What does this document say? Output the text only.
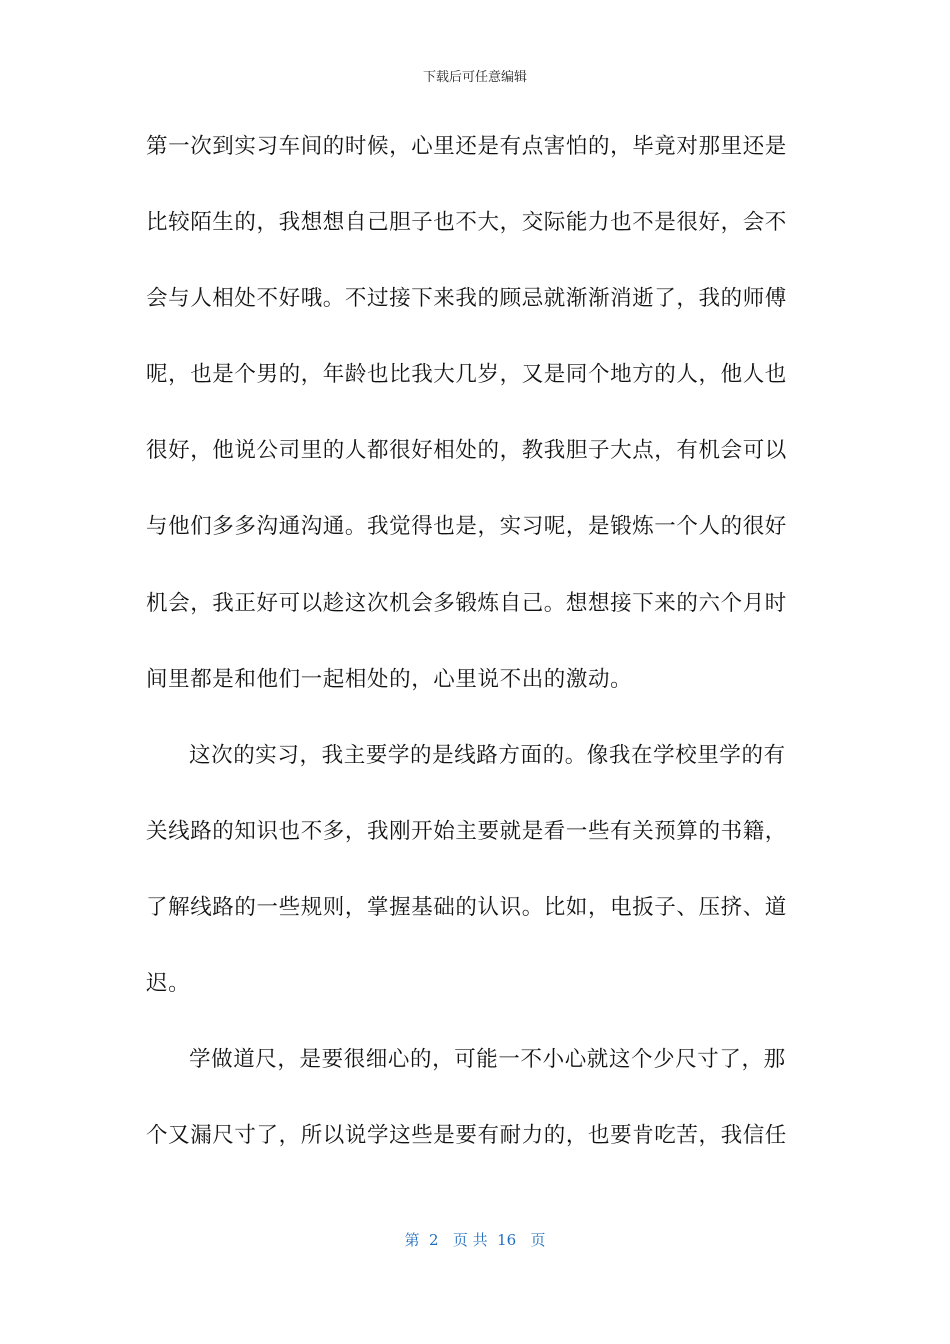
下载后可任意编辑
第一次到实习车间的时候，心里还是有点害怕的，毕竟对那里还是
比较陌生的，我想想自己胆子也不大，交际能力也不是很好，会不
会与人相处不好哦。不过接下来我的顾忌就渐渐消逝了，我的师傅
呢，也是个男的，年龄也比我大几岁，又是同个地方的人，他人也
很好，他说公司里的人都很好相处的，教我胆子大点，有机会可以
与他们多多沟通沟通。我觉得也是，实习呢，是锻炼一个人的很好
机会，我正好可以趁这次机会多锻炼自己。想想接下来的六个月时
间里都是和他们一起相处的，心里说不出的激动。
这次的实习，我主要学的是线路方面的。像我在学校里学的有
关线路的知识也不多，我刚开始主要就是看一些有关预算的书籍，
了解线路的一些规则，掌握基础的认识。比如，电扳子、压挤、道
迟。
学做道尺，是要很细心的，可能一不小心就这个少尺寸了，那
个又漏尺寸了，所以说学这些是要有耐力的，也要肯吃苦，我信任
第  2   页 共  16   页
